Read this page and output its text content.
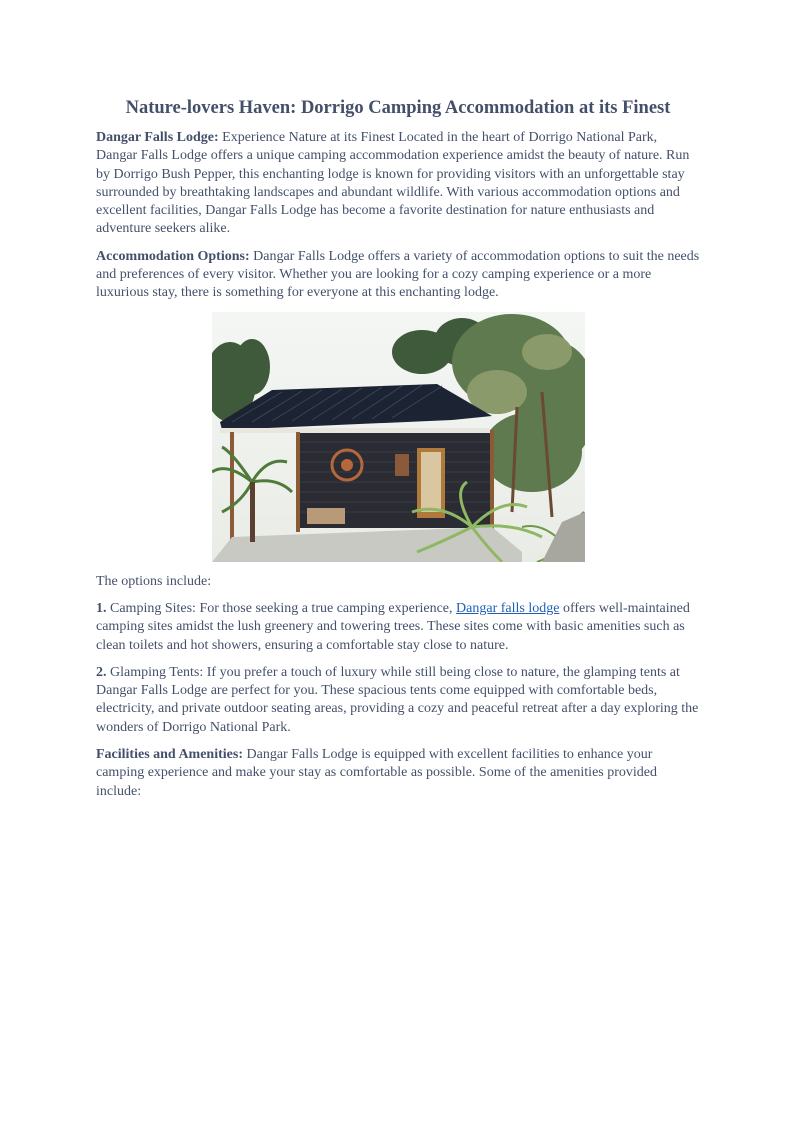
Nature-lovers Haven: Dorrigo Camping Accommodation at its Finest

Dangar Falls Lodge: Experience Nature at its Finest Located in the heart of Dorrigo National Park, Dangar Falls Lodge offers a unique camping accommodation experience amidst the beauty of nature. Run by Dorrigo Bush Pepper, this enchanting lodge is known for providing visitors with an unforgettable stay surrounded by breathtaking landscapes and abundant wildlife. With various accommodation options and excellent facilities, Dangar Falls Lodge has become a favorite destination for nature enthusiasts and adventure seekers alike.

Accommodation Options: Dangar Falls Lodge offers a variety of accommodation options to suit the needs and preferences of every visitor. Whether you are looking for a cozy camping experience or a more luxurious stay, there is something for everyone at this enchanting lodge.

The options include:

1. Camping Sites: For those seeking a true camping experience, Dangar falls lodge offers well-maintained camping sites amidst the lush greenery and towering trees. These sites come with basic amenities such as clean toilets and hot showers, ensuring a comfortable stay close to nature.

2. Glamping Tents: If you prefer a touch of luxury while still being close to nature, the glamping tents at Dangar Falls Lodge are perfect for you. These spacious tents come equipped with comfortable beds, electricity, and private outdoor seating areas, providing a cozy and peaceful retreat after a day exploring the wonders of Dorrigo National Park.

Facilities and Amenities: Dangar Falls Lodge is equipped with excellent facilities to enhance your camping experience and make your stay as comfortable as possible. Some of the amenities provided include:
